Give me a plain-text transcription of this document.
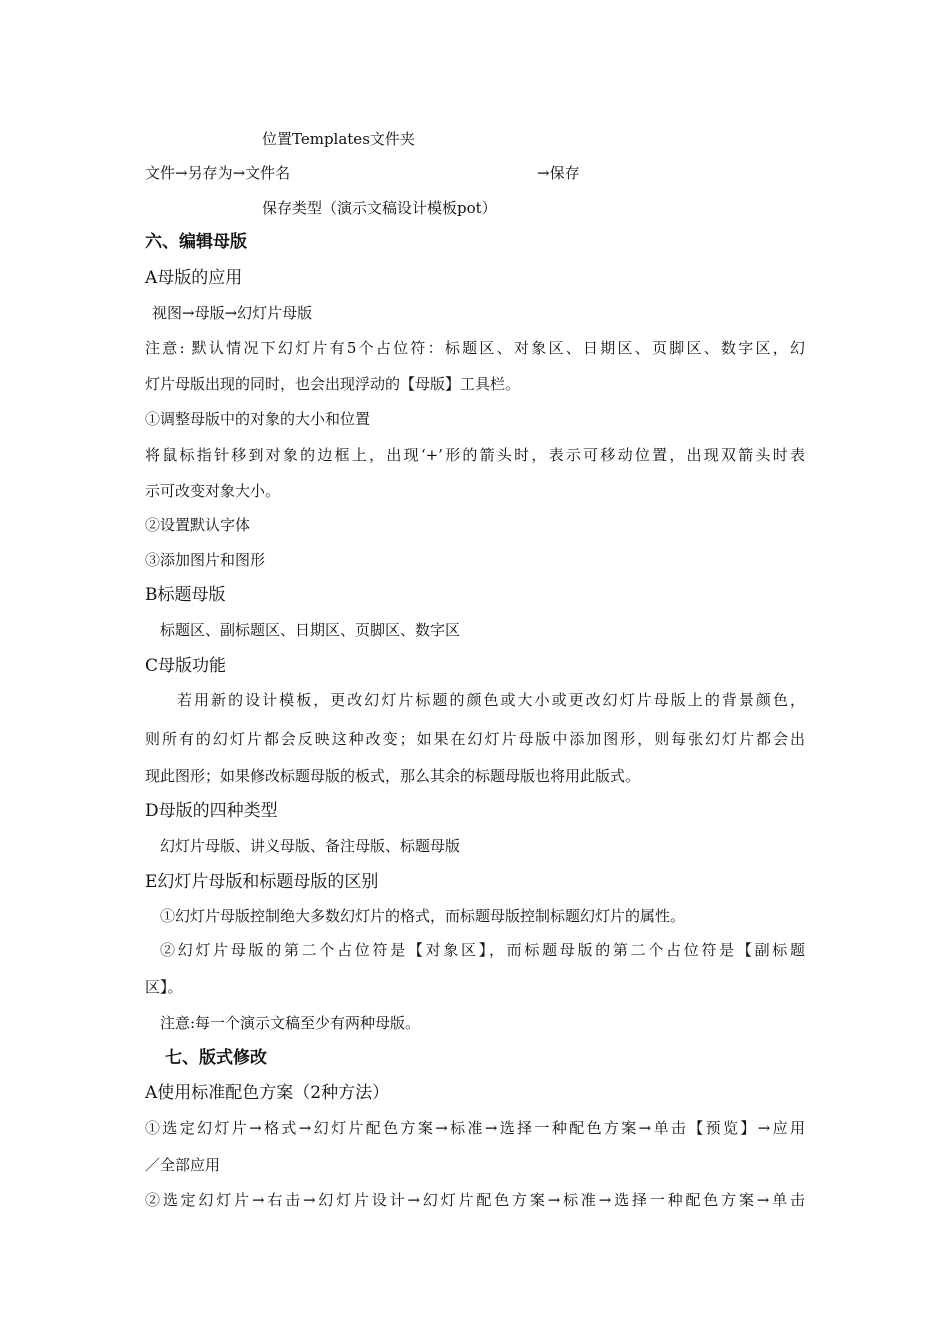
位置Templates文件夹

文件→另存为→文件名	→保存

保存类型（演示文稿设计模板pot）

六、编辑母版

A母版的应用

视图→母版→幻灯片母版

注意: 默认情况下幻灯片有5个占位符：标题区、对象区、日期区、页脚区、数字区，幻

灯片母版出现的同时，也会出现浮动的【母版】工具栏。

①调整母版中的对象的大小和位置

将鼠标指针移到对象的边框上，出现‘+’形的箭头时，表示可移动位置，出现双箭头时表

示可改变对象大小。

②设置默认字体

③添加图片和图形

B标题母版

标题区、副标题区、日期区、页脚区、数字区

C母版功能

若用新的设计模板，更改幻灯片标题的颜色或大小或更改幻灯片母版上的背景颜色，

则所有的幻灯片都会反映这种改变；如果在幻灯片母版中添加图形，则每张幻灯片都会出

现此图形；如果修改标题母版的板式，那么其余的标题母版也将用此版式。

D母版的四种类型

幻灯片母版、讲义母版、备注母版、标题母版

E幻灯片母版和标题母版的区别

①幻灯片母版控制绝大多数幻灯片的格式，而标题母版控制标题幻灯片的属性。

②幻灯片母版的第二个占位符是【对象区】，而标题母版的第二个占位符是【副标题

区】。

注意:每一个演示文稿至少有两种母版。

七、版式修改

A使用标准配色方案（2种方法）

①选定幻灯片→格式→幻灯片配色方案→标准→选择一种配色方案→单击【预览】→应用

／全部应用

②选定幻灯片→右击→幻灯片设计→幻灯片配色方案→标准→选择一种配色方案→单击
